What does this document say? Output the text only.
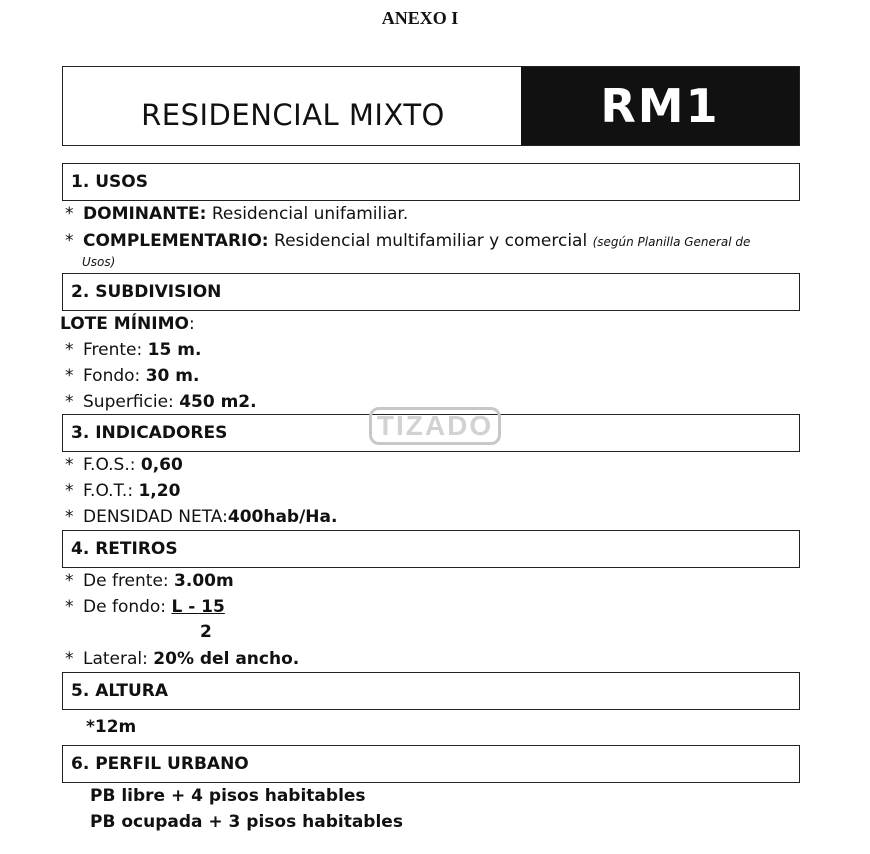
ANEXO I
RESIDENCIAL MIXTO	RM1
1. USOS
* DOMINANTE: Residencial unifamiliar.
* COMPLEMENTARIO: Residencial multifamiliar y comercial (según Planilla General de
Usos)
2. SUBDIVISION
LOTE MÍNIMO:
* Frente: 15 m.
* Fondo: 30 m.
* Superficie: 450 m2.
3. INDICADORES	TIZADO
* F.O.S.: 0,60
* F.O.T.: 1,20
* DENSIDAD NETA:400hab/Ha.
4. RETIROS
* De frente: 3.00m
* De fondo: L - 15
2
* Lateral: 20% del ancho.
5. ALTURA
*12m
6. PERFIL URBANO
PB libre + 4 pisos habitables
PB ocupada + 3 pisos habitables
